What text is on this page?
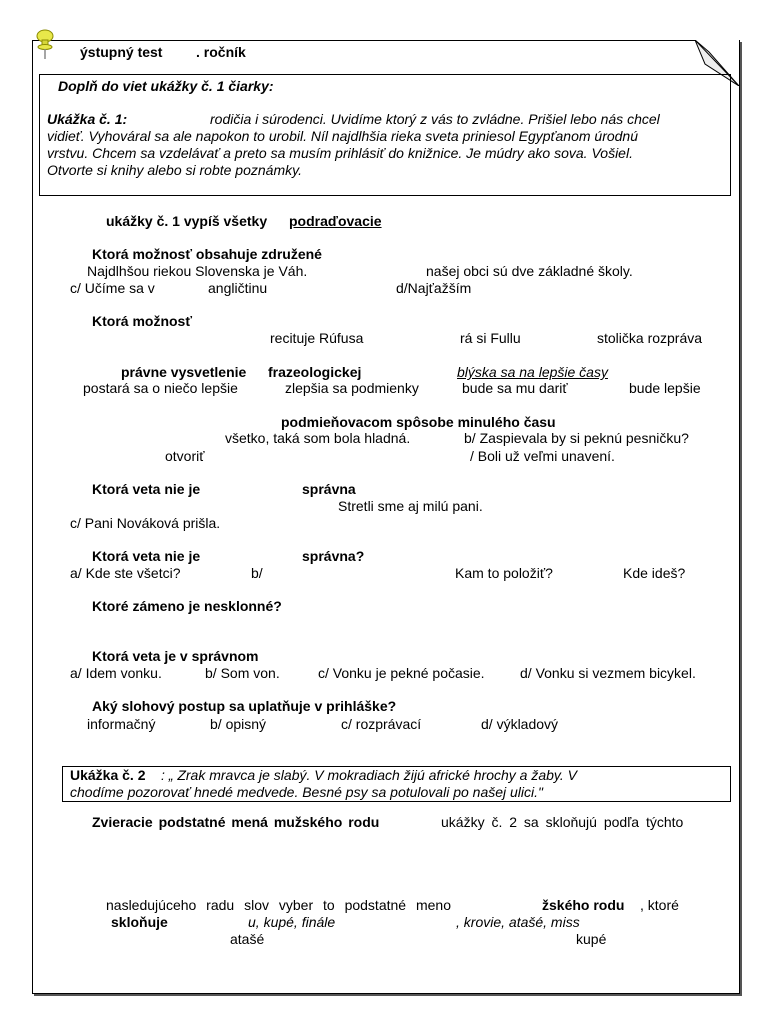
ýstupný test . ročník
Doplň do viet ukážky č. 1 čiarky:
Ukážka č. 1:	rodičia i súrodenci. Uvidíme ktorý z vás to zvládne. Prišiel lebo nás chcel
vidieť. Vyhováral sa ale napokon to urobil. Níl najdlhšia rieka sveta priniesol Egypťanom úrodnú
vrstvu. Chcem sa vzdelávať a preto sa musím prihlásiť do knižnice. Je múdry ako sova. Vošiel.
Otvorte si knihy alebo si robte poznámky.
ukážky č. 1 vypíš všetky podraďovacie
Ktorá možnosť obsahuje združené
Najdlhšou riekou Slovenska je Váh.	našej obci sú dve základné školy.
c/ Učíme sa v	angličtinu	d/Najťažším
Ktorá možnosť
recituje Rúfusa	rá si Fullu	stolička rozpráva
právne vysvetlenie frazeologickej	blýska sa na lepšie časy
postará sa o niečo lepšie	zlepšia sa podmienky	bude sa mu dariť	bude lepšie
podmieňovacom spôsobe minulého času
všetko, taká som bola hladná.	b/ Zaspievala by si peknú pesničku?
otvoriť	/ Boli už veľmi unavení.
Ktorá veta nie je	správna
Stretli sme aj milú pani.
c/ Pani Nováková prišla.
Ktorá veta nie je	správna?
a/ Kde ste všetci?	b/	Kam to položiť?	Kde ideš?
Ktoré zámeno je nesklonné?
Ktorá veta je v správnom
a/ Idem vonku.	b/ Som von.	c/ Vonku je pekné počasie.	d/ Vonku si vezmem bicykel.
Aký slohový postup sa uplatňuje v prihláške?
informačný	b/ opisný	c/ rozprávací	d/ výkladový
Ukážka č. 2 : „ Zrak mravca je slabý. V mokradiach žijú africké hrochy a žaby. V
chodíme pozorovať hnedé medvede. Besné psy sa potulovali po našej ulici."
Zvieracie podstatné mená mužského rodu	ukážky č. 2 sa skloňujú podľa týchto
nasledujúceho radu slov vyber to podstatné meno	žského rodu , ktoré
skloňuje	u, kupé, finále	, krovie, atašé, miss
atašé	kupé
